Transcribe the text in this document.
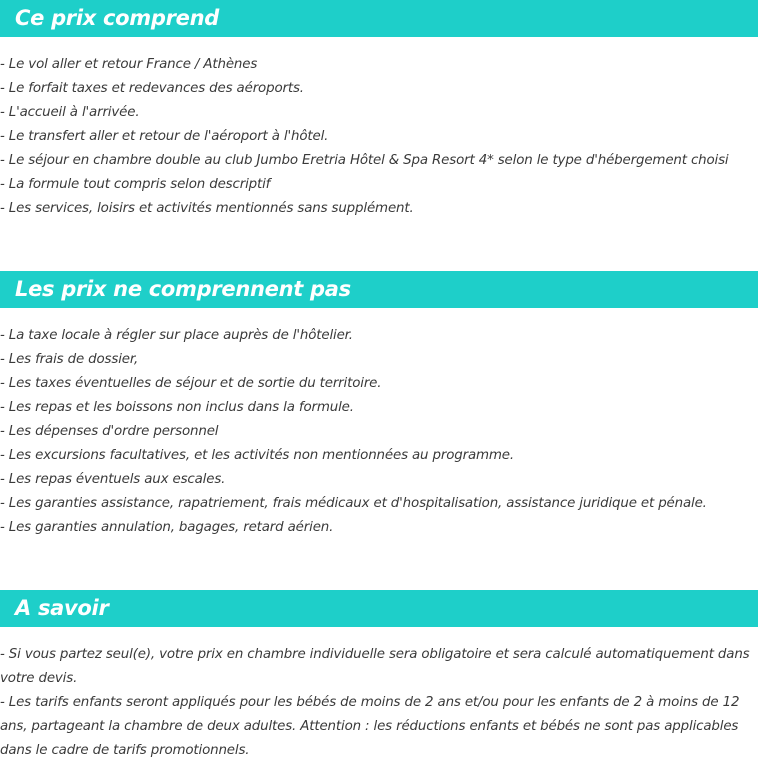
Ce prix comprend
- Le vol aller et retour France / Athènes
- Le forfait taxes et redevances des aéroports.
- L'accueil à l'arrivée.
- Le transfert aller et retour de l'aéroport à l'hôtel.
- Le séjour en chambre double au club Jumbo Eretria Hôtel & Spa Resort 4* selon le type d'hébergement choisi
- La formule tout compris selon descriptif
- Les services, loisirs et activités mentionnés sans supplément.
Les prix ne comprennent pas
- La taxe locale à régler sur place auprès de l'hôtelier.
- Les frais de dossier,
- Les taxes éventuelles de séjour et de sortie du territoire.
- Les repas et les boissons non inclus dans la formule.
- Les dépenses d'ordre personnel
- Les excursions facultatives, et les activités non mentionnées au programme.
- Les repas éventuels aux escales.
- Les garanties assistance, rapatriement, frais médicaux et d'hospitalisation, assistance juridique et pénale.
- Les garanties annulation, bagages, retard aérien.
A savoir
- Si vous partez seul(e), votre prix en chambre individuelle sera obligatoire et sera calculé automatiquement dans votre devis.
- Les tarifs enfants seront appliqués pour les bébés de moins de 2 ans et/ou pour les enfants de 2 à moins de 12 ans, partageant la chambre de deux adultes. Attention : les réductions enfants et bébés ne sont pas applicables dans le cadre de tarifs promotionnels.
